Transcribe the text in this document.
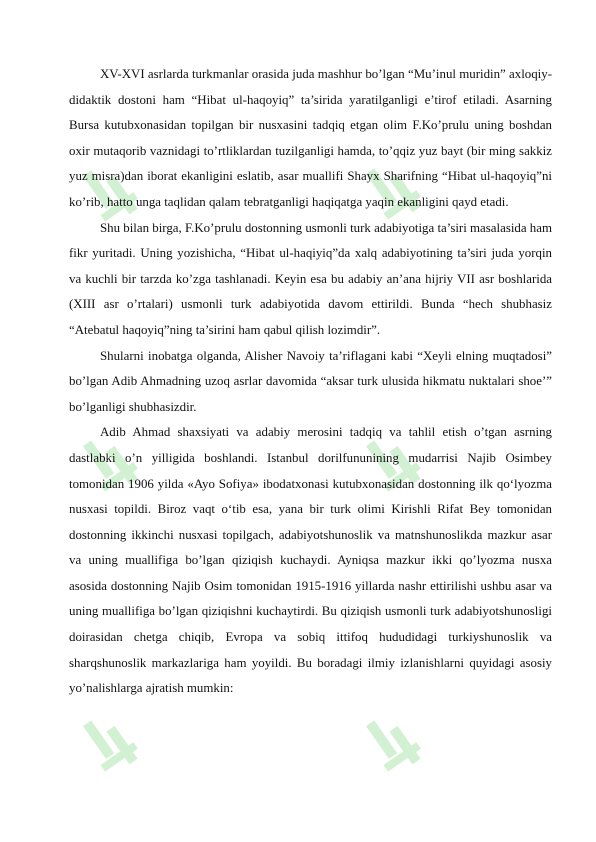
XV-XVI asrlarda turkmanlar orasida juda mashhur bo’lgan “Mu’inul muridin” axloqiy-didaktik dostoni ham “Hibat ul-haqoyiq” ta’sirida yaratilganligi e’tirof etiladi. Asarning Bursa kutubxonasidan topilgan bir nusxasini tadqiq etgan olim F.Ko’prulu uning boshdan oxir mutaqorib vaznidagi to’rtliklardan tuzilganligi hamda, to’qqiz yuz bayt (bir ming sakkiz yuz misra)dan iborat ekanligini eslatib, asar muallifi Shayx Sharifning “Hibat ul-haqoyiq”ni ko’rib, hatto unga taqlidan qalam tebratganligi haqiqatga yaqin ekanligini qayd etadi.

Shu bilan birga, F.Ko’prulu dostonning usmonli turk adabiyotiga ta’siri masalasida ham fikr yuritadi. Uning yozishicha, “Hibat ul-haqiyiq”da xalq adabiyotining ta’siri juda yorqin va kuchli bir tarzda ko’zga tashlanadi. Keyin esa bu adabiy an’ana hijriy VII asr boshlarida (XIII asr o’rtalari) usmonli turk adabiyotida davom ettirildi. Bunda “hech shubhasiz “Atebatul haqoyiq”ning ta’sirini ham qabul qilish lozimdir”.

Shularni inobatga olganda, Alisher Navoiy ta’riflagani kabi “Xeyli elning muqtadosi” bo’lgan Adib Ahmadning uzoq asrlar davomida “aksar turk ulusida hikmatu nuktalari shoe’” bo’lganligi shubhasizdir.

Adib Ahmad shaxsiyati va adabiy merosini tadqiq va tahlil etish o’tgan asrning dastlabki o’n yilligida boshlandi. Istanbul dorilfununining mudarrisi Najib Osimbey tomonidan 1906 yilda «Ayo Sofiya» ibodatxonasi kutubxonasidan dostonning ilk qo‘lyozma nusxasi topildi. Biroz vaqt o‘tib esa, yana bir turk olimi Kirishli Rifat Bey tomonidan dostonning ikkinchi nusxasi topilgach, adabiyotshunoslik va matnshunoslikda mazkur asar va uning muallifiga bo’lgan qiziqish kuchaydi. Ayniqsa mazkur ikki qo’lyozma nusxa asosida dostonning Najib Osim tomonidan 1915-1916 yillarda nashr ettirilishi ushbu asar va uning muallifiga bo’lgan qiziqishni kuchaytirdi. Bu qiziqish usmonli turk adabiyotshunosligi doirasidan chetga chiqib, Evropa va sobiq ittifoq hududidagi turkiyshunoslik va sharqshunoslik markazlariga ham yoyildi. Bu boradagi ilmiy izlanishlarni quyidagi asosiy yo’nalishlarga ajratish mumkin:
